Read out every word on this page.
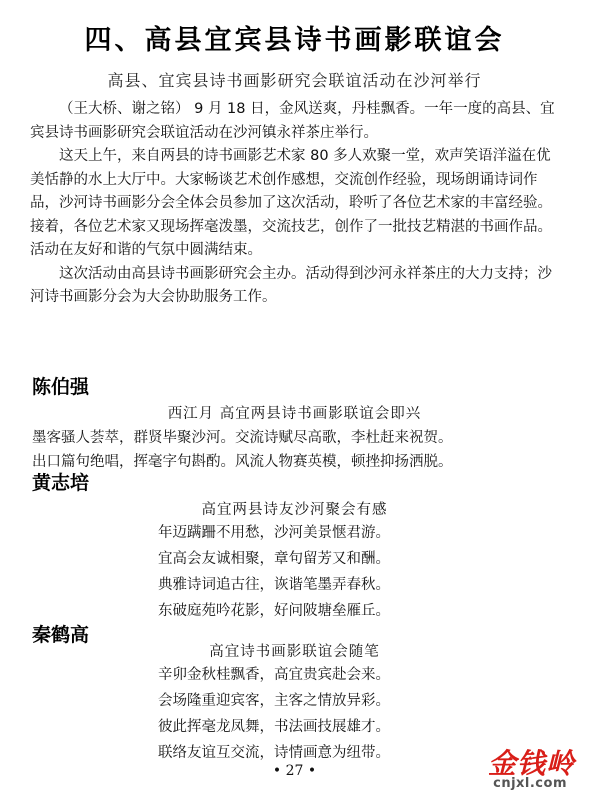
四、高县宜宾县诗书画影联谊会
高县、宜宾县诗书画影研究会联谊活动在沙河举行

（王大桥、谢之铭） 9 月 18 日，金风送爽，丹桂飘香。一年一度的高县、宜宾县诗书画影研究会联谊活动在沙河镇永祥茶庄举行。

这天上午，来自两县的诗书画影艺术家 80 多人欢聚一堂，欢声笑语洋溢在优美恬静的水上大厅中。大家畅谈艺术创作感想，交流创作经验，现场朗诵诗词作品，沙河诗书画影分会全体会员参加了这次活动，聆听了各位艺术家的丰富经验。接着，各位艺术家又现场挥毫泼墨，交流技艺，创作了一批技艺精湛的书画作品。活动在友好和谐的气氛中圆满结束。

这次活动由高县诗书画影研究会主办。活动得到沙河永祥茶庄的大力支持；沙河诗书画影分会为大会协助服务工作。

陈伯强
西江月 高宜两县诗书画影联谊会即兴
墨客骚人荟萃，群贤毕聚沙河。交流诗赋尽高歌，李杜赶来祝贺。
出口篇句绝唱，挥毫字句斟酌。风流人物赛英模，顿挫抑扬洒脱。
黄志培
高宜两县诗友沙河聚会有感
年迈蹒跚不用愁，沙河美景惬君游。
宜高会友诚相聚，章句留芳又和酬。
典雅诗词追古往，诙谐笔墨弄春秋。
东破庭苑吟花影，好问陂塘垒雁丘。
秦鹤高
高宜诗书画影联谊会随笔
辛卯金秋桂飘香，高宜贵宾赴会来。
会场隆重迎宾客，主客之情放异彩。
彼此挥毫龙凤舞，书法画技展雄才。
联络友谊互交流，诗情画意为纽带。
• 27 •	金钱岭
cnjxl.com
